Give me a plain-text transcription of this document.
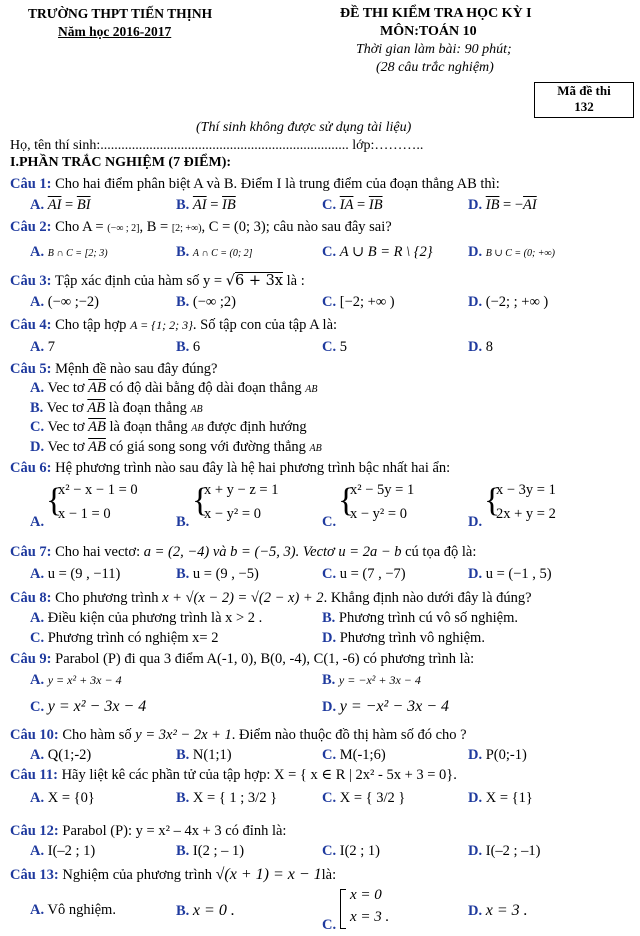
TRƯỜNG THPT TIẾN THỊNH
Năm học 2016-2017
ĐỀ THI KIỂM TRA HỌC KỲ I
MÔN:TOÁN 10
Thời gian làm bài: 90 phút;
(28 câu trắc nghiệm)
Mã đề thi
132
(Thí sinh không được sử dụng tài liệu)
Họ, tên thí sinh:....................................................................... lớp:………..
I.PHẦN TRẮC NGHIỆM (7 ĐIỂM):
Câu 1: Cho hai điểm phân biệt A và B. Điểm I là trung điểm của đoạn thẳng AB thì:
A. $\overline{AI} = \overline{BI}$	B. $\overline{AI} = \overline{IB}$	C. $\overline{IA} = \overline{IB}$	D. $\overline{IB} = -\overline{AI}$
Câu 2: Cho A = (−∞ ; 2], B = [2; +∞), C = (0; 3); câu nào sau đây sai?
A. B ∩ C = [2; 3)	B. A ∩ C = (0; 2]	C. A ∪ B = R \ {2} D. B ∪ C = (0; +∞)
Câu 3: Tập xác định của hàm số y = √6 + 3x là :
A. (−∞ ;−2)	B. (−∞ ;2)	C. [−2; +∞ )	D. (−2; ; +∞ )
Câu 4: Cho tập hợp A = {1; 2; 3}. Số tập con của tập A là:
A. 7	B. 6	C. 5	D. 8
Câu 5: Mệnh đề nào sau đây đúng?
A. Vec tơ $\overline{AB}$ có độ dài bằng độ dài đoạn thẳng AB
B. Vec tơ $\overline{AB}$ là đoạn thẳng AB
C. Vec tơ $\overline{AB}$ là đoạn thẳng AB được định hướng
D. Vec tơ $\overline{AB}$ có giá song song với đường thẳng AB
Câu 6: Hệ phương trình nào sau đây là hệ hai phương trình bậc nhất hai ẩn:
A.
{
x² − x − 1 = 0
x − 1 = 0	B.
{
x + y − z = 1
x − y² = 0	C.
{
x² − 5y = 1
x − y² = 0	D.
{
x − 3y = 1
2x + y = 2
Câu 7: Cho hai vectơ: a = (2, −4) và b = (−5, 3). Vectơ u = 2a − b cú tọa độ là:
A. u = (9 , −11)	B. u = (9 , −5)	C. u = (7 , −7)	D. u = (−1 , 5)
Câu 8: Cho phương trình x + √(x − 2) = √(2 − x) + 2. Khẳng định nào dưới đây là đúng?
A. Điều kiện của phương trình là x > 2 .	B. Phương trình cú vô số nghiệm.
C. Phương trình có nghiệm x= 2	D. Phương trình vô nghiệm.
Câu 9: Parabol (P) đi qua 3 điểm A(-1, 0), B(0, -4), C(1, -6) có phương trình là:
A. y = x² + 3x − 4	B. y = −x² + 3x − 4
C. y = x² − 3x − 4	D. y = −x² − 3x − 4
Câu 10: Cho hàm số y = 3x² − 2x + 1. Điểm nào thuộc đồ thị hàm số đó cho ?
A. Q(1;-2)	B. N(1;1)	C. M(-1;6)	D. P(0;-1)
Câu 11: Hãy liệt kê các phần tử của tập hợp: X = { x ∈ R | 2x² - 5x + 3 = 0}.
A. X = {0}	B. X = { 1 ; 3/2 }	C. X = { 3/2 }	D. X = {1}
Câu 12: Parabol (P): y = x² – 4x + 3 có đỉnh là:
A. I(–2 ; 1)	B. I(2 ; – 1)	C. I(2 ; 1)	D. I(–2 ; –1)
Câu 13: Nghiệm của phương trình √(x + 1) = x − 1là:
A. Vô nghiệm.	B. x = 0 .
C.
x = 0
x = 3 .	D. x = 3 .
